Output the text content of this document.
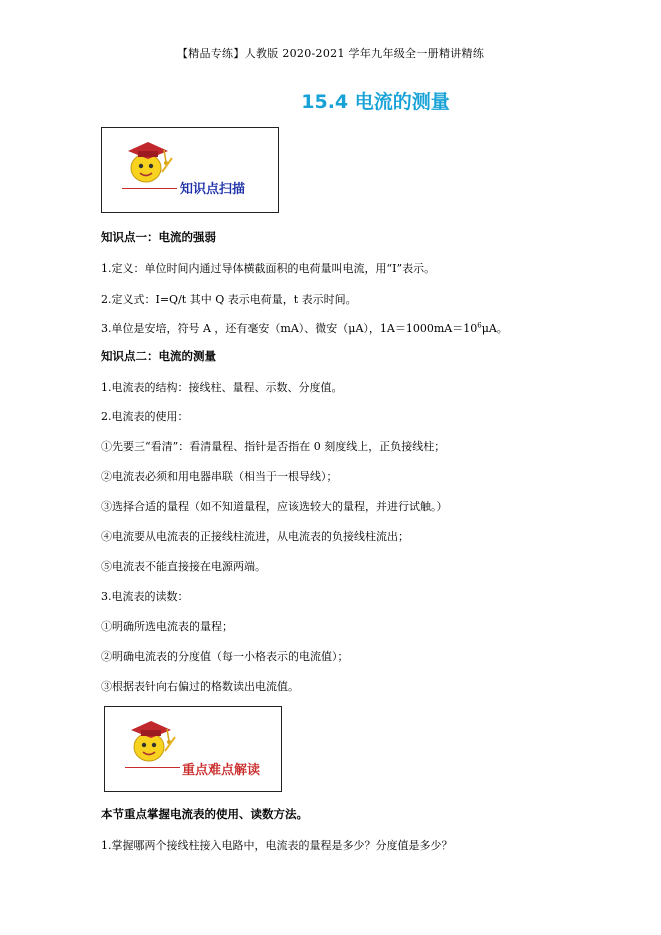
【精品专练】人教版 2020-2021 学年九年级全一册精讲精练
15.4 电流的测量
知识点扫描
知识点一：电流的强弱
1.定义：单位时间内通过导体横截面积的电荷量叫电流，用“I”表示。
2.定义式：I=Q/t 其中 Q 表示电荷量，t 表示时间。
3.单位是安培，符号 A ，还有毫安（mA）、微安（μA），$1A=1000mA=10^6\mu A$。
知识点二：电流的测量
1.电流表的结构：接线柱、量程、示数、分度值。
2.电流表的使用：
①先要三“看清”：看清量程、指针是否指在 0 刻度线上，正负接线柱；
②电流表必须和用电器串联（相当于一根导线）；
③选择合适的量程（如不知道量程，应该选较大的量程，并进行试触。）
④电流要从电流表的正接线柱流进，从电流表的负接线柱流出；
⑤电流表不能直接接在电源两端。
3.电流表的读数：
①明确所选电流表的量程；
②明确电流表的分度值（每一小格表示的电流值）；
③根据表针向右偏过的格数读出电流值。
重点难点解读
本节重点掌握电流表的使用、读数方法。
1.掌握哪两个接线柱接入电路中，电流表的量程是多少？分度值是多少？
